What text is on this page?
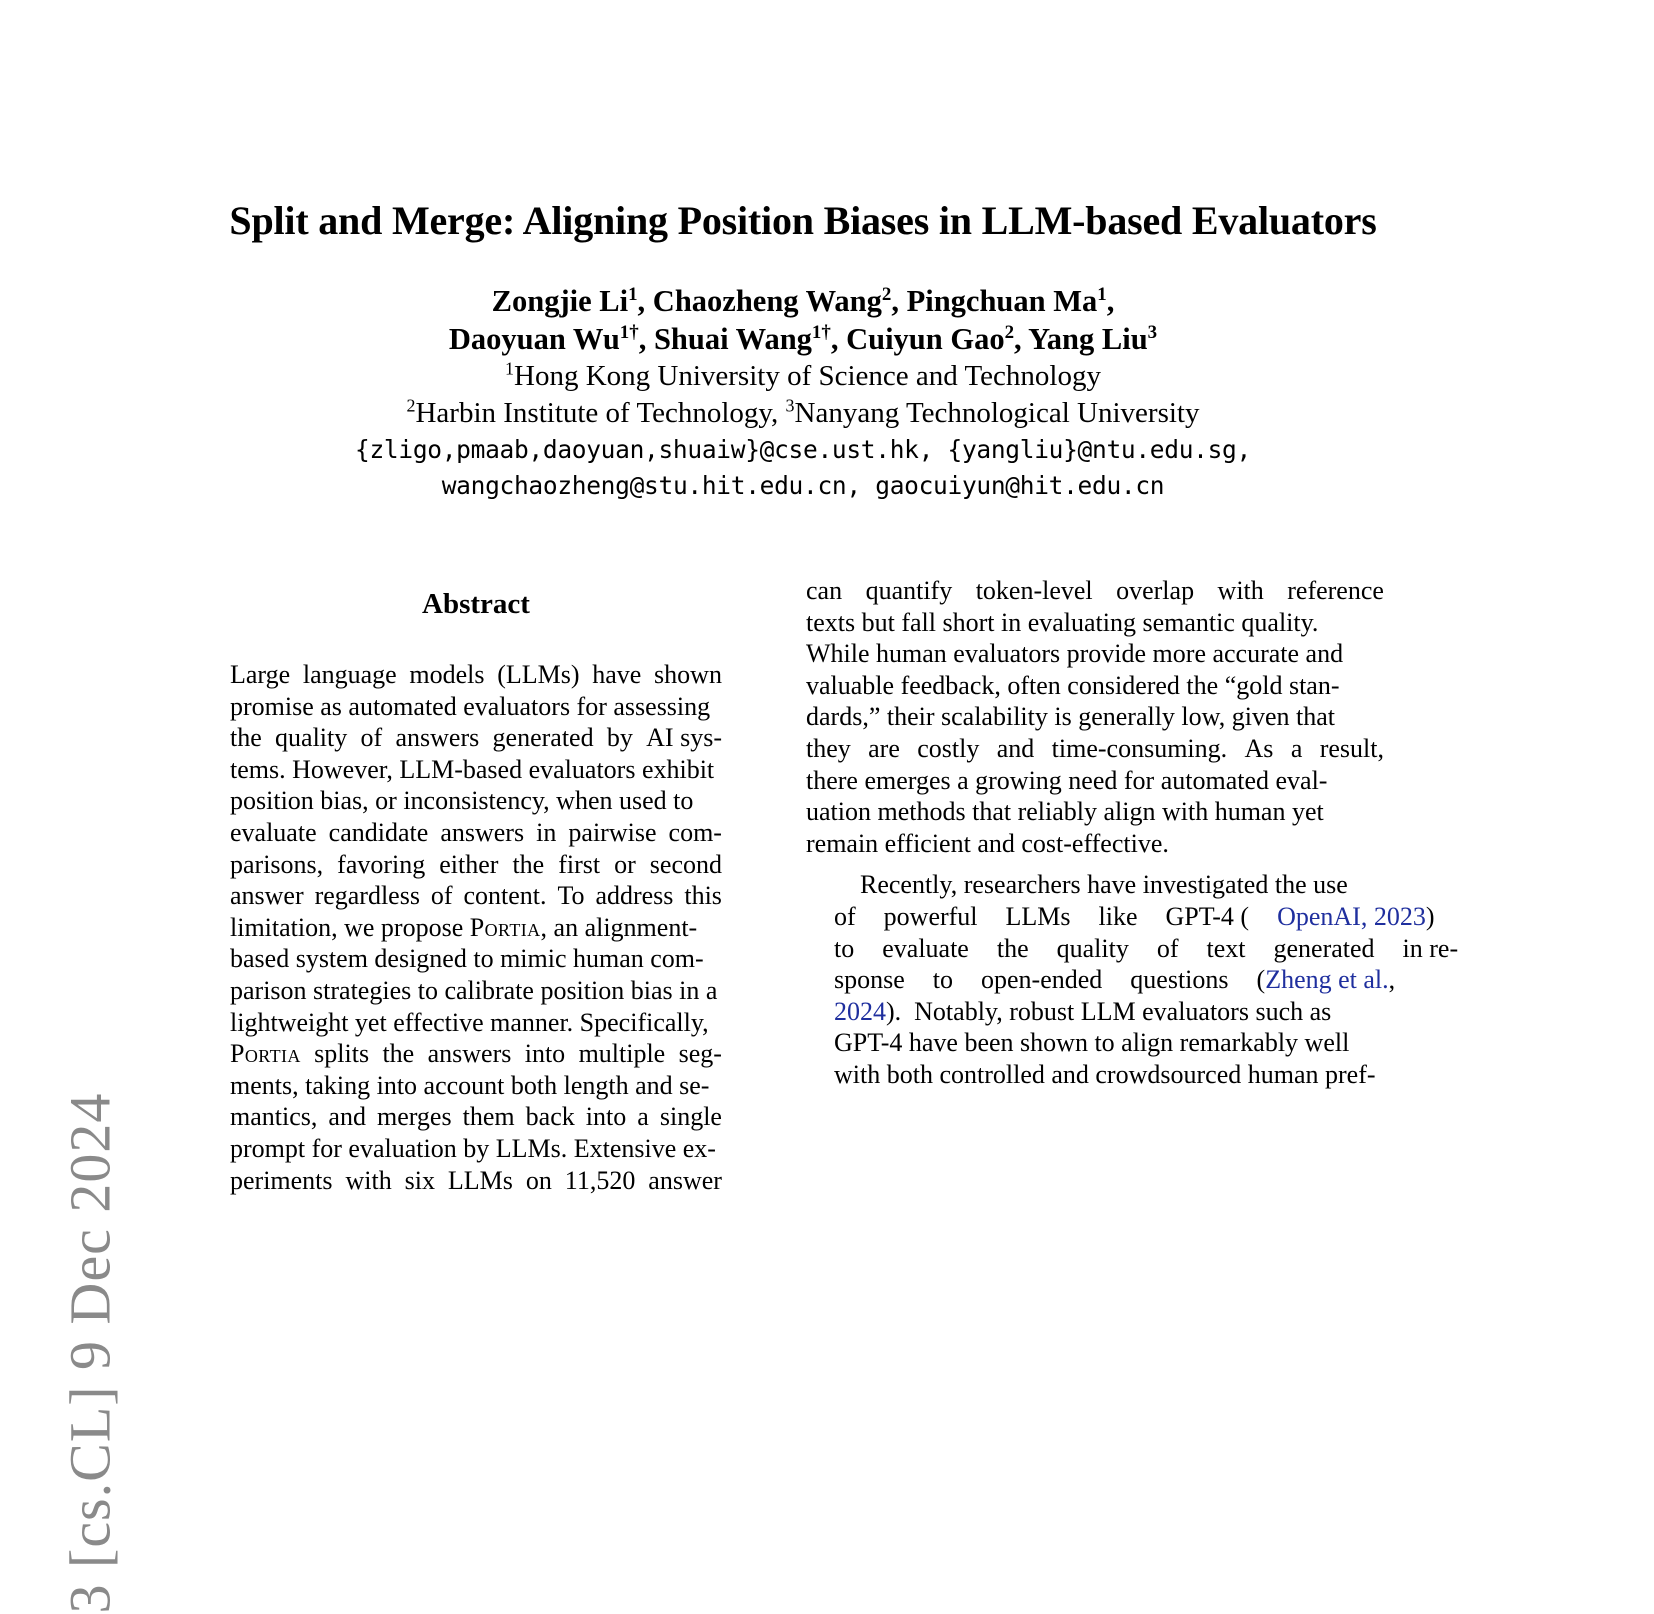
3 [cs.CL] 9 Dec 2024
Split and Merge: Aligning Position Biases in LLM-based Evaluators
Zongjie Li$^1$, Chaozheng Wang$^2$, Pingchuan Ma$^1$,
Daoyuan $Wu^{1\dagger}$, Shuai Wang$^{1\dagger}$, Cuiyun Gao$^2$, Yang Liu$^3$
$^1$Hong Kong University of Science and Technology
$^2$Harbin Institute of Technology, $^3$Nanyang Technological University
{zligo,pmaab,daoyuan,shuaiw}@cse.ust.hk, {yangliu}@ntu.edu.sg,
wangchaozheng@stu.hit.edu.cn, gaocuiyun@hit.edu.cn
Abstract
Large language models (LLMs) have shown
promise as automated evaluators for assessing
the quality of answers generated by AI sys-
tems. However, LLM-based evaluators exhibit
position bias, or inconsistency, when used to
evaluate candidate answers in pairwise com-
parisons, favoring either the first or second
answer regardless of content. To address this
limitation, we propose Portia, an alignment-
based system designed to mimic human com-
parison strategies to calibrate position bias in a
lightweight yet effective manner. Specifically,
Portia splits the answers into multiple seg-
ments, taking into account both length and se-
mantics, and merges them back into a single
prompt for evaluation by LLMs. Extensive ex-
periments with six LLMs on 11,520 answer

can quantify token-level overlap with reference
texts but fall short in evaluating semantic quality.
While human evaluators provide more accurate and
valuable feedback, often considered the “gold stan-
dards,” their scalability is generally low, given that
they are costly and time-consuming. As a result,
there emerges a growing need for automated eval-
uation methods that reliably align with human yet
remain efficient and cost-effective.

Recently, researchers have investigated the use
of	powerful	LLMs	like	GPT-4 (	OpenAI, 2023)
to	evaluate	the	quality	of	text	generated	in re-
sponse	to	open-ended	questions	(Zheng et al.,
2024).  Notably, robust LLM evaluators such as
GPT-4 have been shown to align remarkably well
with both controlled and crowdsourced human pref-
